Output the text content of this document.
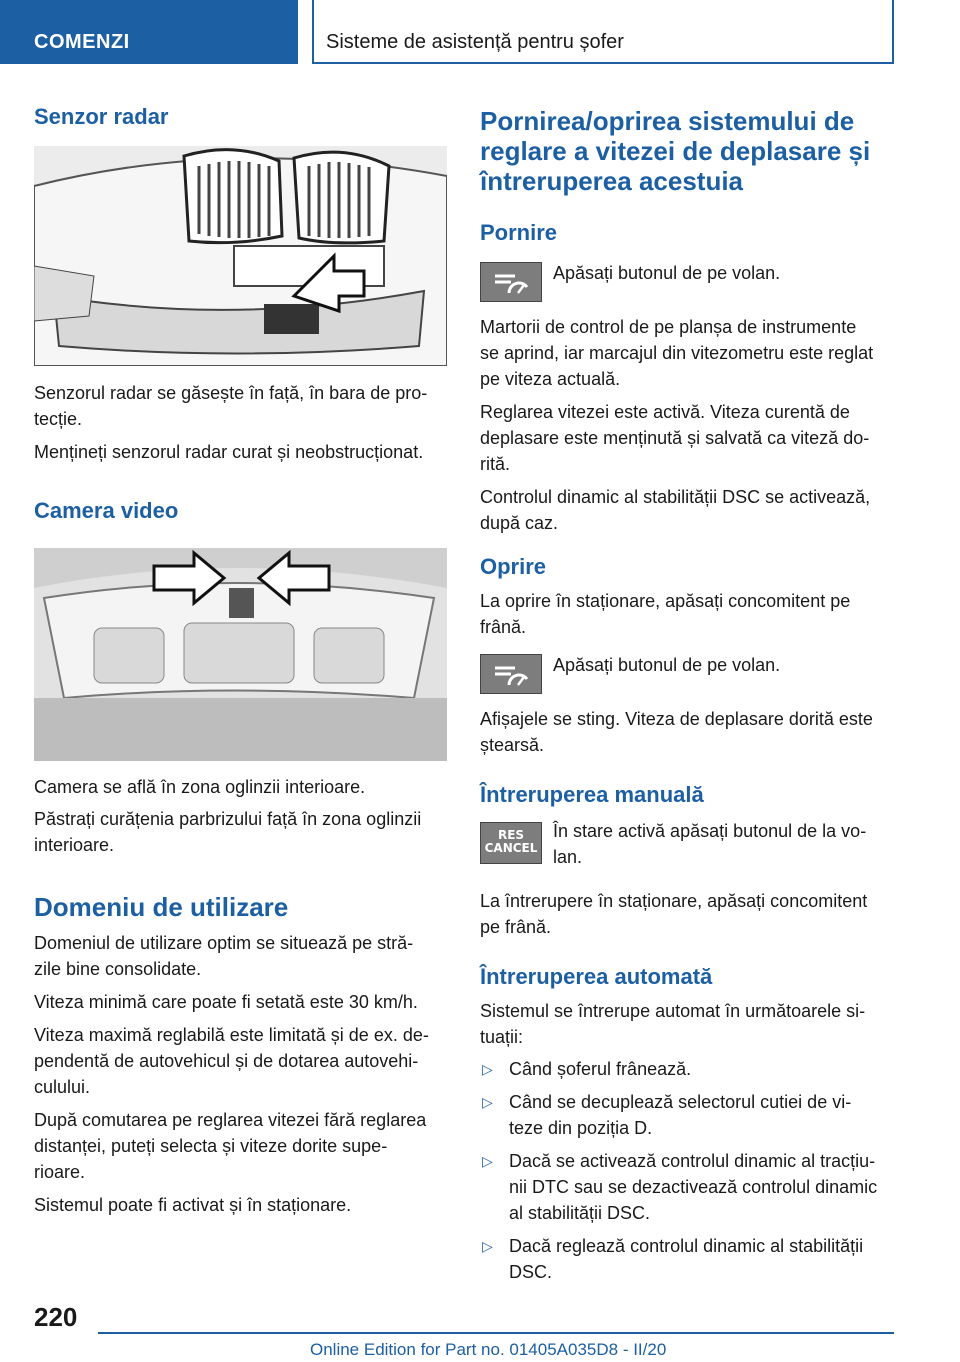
COMENZI	Sisteme de asistență pentru șofer
Senzor radar
Senzorul radar se găsește în față, în bara de pro‐
tecție.
Mențineți senzorul radar curat și neobstrucționat.
Camera video
Camera se află în zona oglinzii interioare.
Păstrați curățenia parbrizului față în zona oglinzii
interioare.
Domeniu de utilizare
Domeniul de utilizare optim se situează pe stră‐
zile bine consolidate.
Viteza minimă care poate fi setată este 30 km/h.
Viteza maximă reglabilă este limitată și de ex. de‐
pendentă de autovehicul și de dotarea autovehi‐
culului.
După comutarea pe reglarea vitezei fără reglarea
distanței, puteți selecta și viteze dorite supe‐
rioare.
Sistemul poate fi activat și în staționare.
Pornirea/oprirea sistemului de
reglare a vitezei de deplasare și
întreruperea acestuia
Pornire
Apăsați butonul de pe volan.
Martorii de control de pe planșa de instrumente
se aprind, iar marcajul din vitezometru este reglat
pe viteza actuală.
Reglarea vitezei este activă. Viteza curentă de
deplasare este menținută și salvată ca viteză do‐
rită.
Controlul dinamic al stabilității DSC se activează,
după caz.
Oprire
La oprire în staționare, apăsați concomitent pe
frână.
Apăsați butonul de pe volan.
Afișajele se sting. Viteza de deplasare dorită este
ștearsă.
Întreruperea manuală
RES
CANCEL
În stare activă apăsați butonul de la vo‐
lan.
La întrerupere în staționare, apăsați concomitent
pe frână.
Întreruperea automată
Sistemul se întrerupe automat în următoarele si‐
tuații:
▷ Când șoferul frânează.
▷ Când se decuplează selectorul cutiei de vi‐
teze din poziția D.
▷ Dacă se activează controlul dinamic al tracțiu‐
nii DTC sau se dezactivează controlul dinamic
al stabilității DSC.
▷ Dacă reglează controlul dinamic al stabilității
DSC.
220
Online Edition for Part no. 01405A035D8 - II/20
